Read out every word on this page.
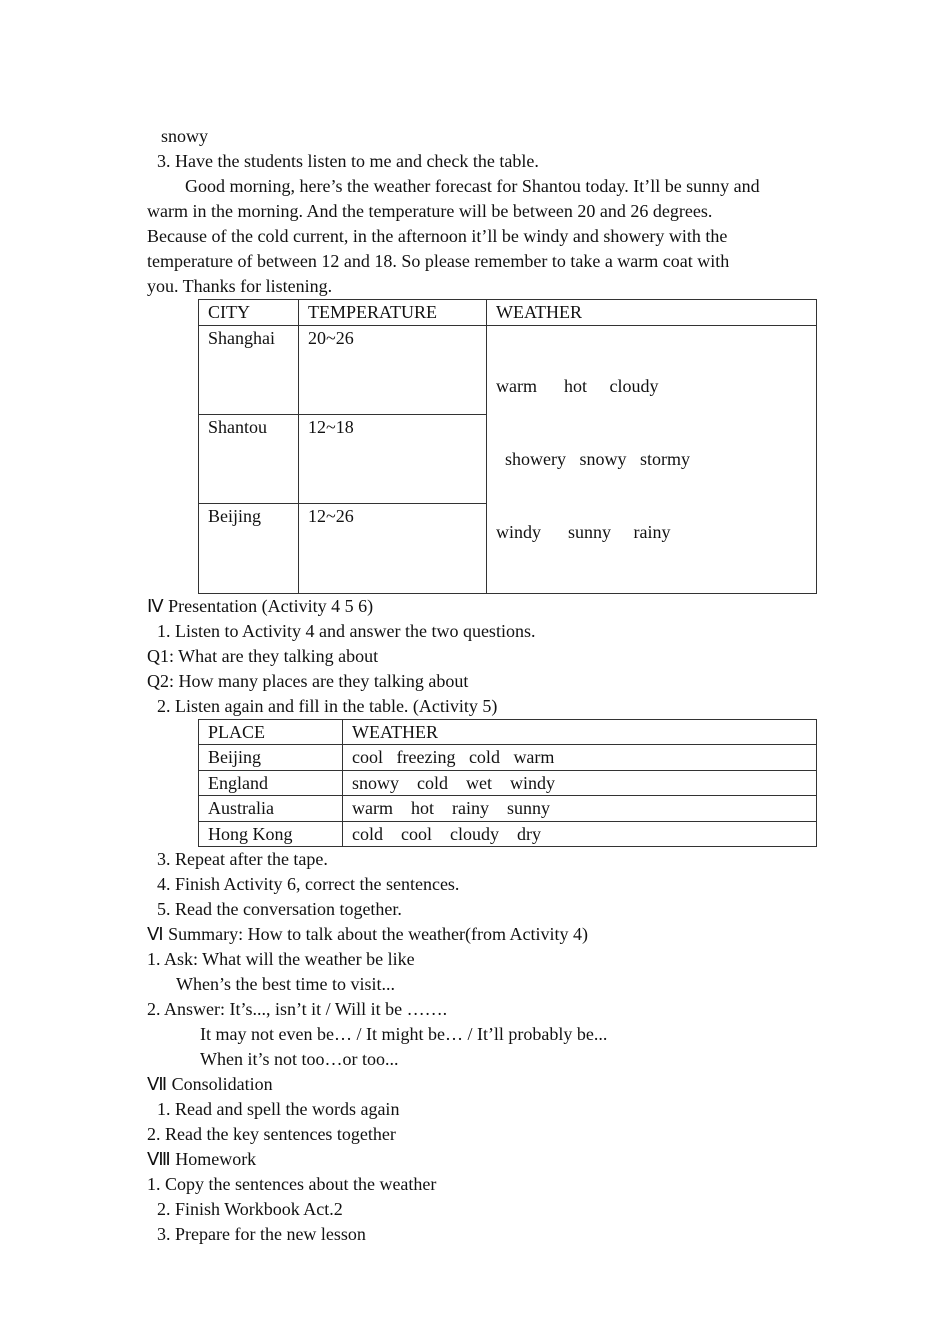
snowy
3. Have the students listen to me and check the table.
Good morning, here’s the weather forecast for Shantou today. It’ll be sunny and
warm in the morning. And the temperature will be between 20 and 26 degrees.
Because of the cold current, in the afternoon it’ll be windy and showery with the
temperature of between 12 and 18. So please remember to take a warm coat with
you. Thanks for listening.
CITY	TEMPERATURE	WEATHER
Shanghai	20~26	warm      hot     cloudy

showery   snowy   stormy

windy      sunny     rainy

Shantou	12~18	
Beijing	12~26	
Ⅳ Presentation (Activity 4 5 6)
1. Listen to Activity 4 and answer the two questions.
Q1: What are they talking about
Q2: How many places are they talking about
2. Listen again and fill in the table. (Activity 5)
PLACE	WEATHER
Beijing	cool   freezing   cold   warm
England	snowy    cold    wet    windy
Australia	warm    hot    rainy    sunny
Hong Kong	cold    cool    cloudy    dry
3. Repeat after the tape.
4. Finish Activity 6, correct the sentences.
5. Read the conversation together.
Ⅵ Summary: How to talk about the weather(from Activity 4)
1. Ask: What will the weather be like
When’s the best time to visit...
2. Answer: It’s..., isn’t it / Will it be …….
It may not even be… / It might be… / It’ll probably be...
When it’s not too…or too...
Ⅶ Consolidation
1. Read and spell the words again
2. Read the key sentences together
Ⅷ Homework
1. Copy the sentences about the weather
2. Finish Workbook Act.2
3. Prepare for the new lesson
